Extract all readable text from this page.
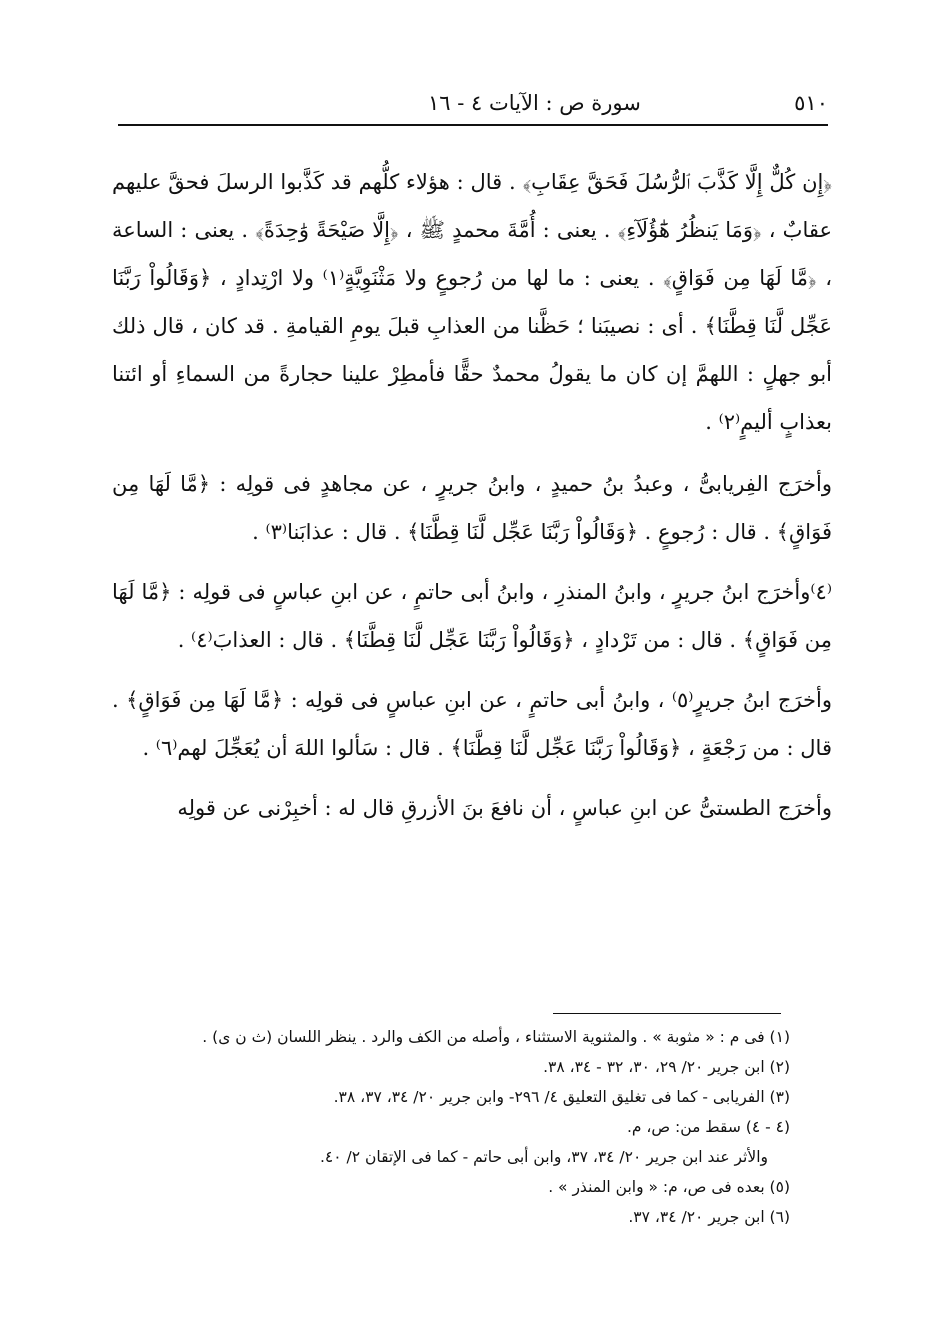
٥١٠
سورة ص : الآيات ٤ - ١٦

﴿إِن كُلٌّ إِلَّا كَذَّبَ ٱلرُّسُلَ فَحَقَّ عِقَابِ﴾ . قال : هؤلاء كلُّهم قد كَذَّبوا الرسلَ فحقَّ عليهم عقابٌ ، ﴿وَمَا يَنظُرُ هَٰٓؤُلَآءِ﴾ . يعنى : أُمَّةَ محمدٍ ﷺ ، ﴿إِلَّا صَيْحَةً وَٰحِدَةً﴾ . يعنى : الساعة ، ﴿مَّا لَهَا مِن فَوَاقٍ﴾ . يعنى : ما لها من رُجوعٍ ولا مَثْنَوِيَّةٍ⁽١⁾ ولا ارْتِدادٍ ، ﴿وَقَالُواْ رَبَّنَا عَجِّل لَّنَا قِطَّنَا﴾ . أى : نصيبَنا ؛ حَظَّنا من العذابِ قبلَ يومِ القيامةِ . قد كان ، قال ذلك أبو جهلٍ : اللهمَّ إن كان ما يقولُ محمدٌ حقًّا فأمطِرْ علينا حجارةً من السماءِ أو ائتنا بعذابٍ أليمٍ⁽٢⁾ .

وأخرَج الفِريابىُّ ، وعبدُ بنُ حميدٍ ، وابنُ جريرٍ ، عن مجاهدٍ فى قولِه : ﴿مَّا لَهَا مِن فَوَاقٍ﴾ . قال : رُجوعٍ . ﴿وَقَالُواْ رَبَّنَا عَجِّل لَّنَا قِطَّنَا﴾ . قال : عذابَنا⁽٣⁾ .

⁽٤⁾وأخرَج ابنُ جريرٍ ، وابنُ المنذرِ ، وابنُ أبى حاتمٍ ، عن ابنِ عباسٍ فى قولِه : ﴿مَّا لَهَا مِن فَوَاقٍ﴾ . قال : من تَرْدادٍ ، ﴿وَقَالُواْ رَبَّنَا عَجِّل لَّنَا قِطَّنَا﴾ . قال : العذابَ⁽٤⁾ .

وأخرَج ابنُ جريرٍ⁽٥⁾ ، وابنُ أبى حاتمٍ ، عن ابنِ عباسٍ فى قولِه : ﴿مَّا لَهَا مِن فَوَاقٍ﴾ . قال : من رَجْعَةٍ ، ﴿وَقَالُواْ رَبَّنَا عَجِّل لَّنَا قِطَّنَا﴾ . قال : سَألوا اللهَ أن يُعَجِّلَ لهم⁽٦⁾ .

وأخرَج الطستىُّ عن ابنِ عباسٍ ، أن نافعَ بنَ الأزرقِ قال له : أخبِرْنى عن قولِه

(١) فى م : « مثوبة » . والمثنوية الاستثناء ، وأصله من الكف والرد . ينظر اللسان (ث ن ى) .
(٢) ابن جرير ٢٠/ ٢٩، ٣٠، ٣٢ - ٣٤، ٣٨.
(٣) الفريابى - كما فى تغليق التعليق ٤/ ٢٩٦- وابن جرير ٢٠/ ٣٤، ٣٧، ٣٨.
(٤ - ٤) سقط من: ص، م.
والأثر عند ابن جرير ٢٠/ ٣٤، ٣٧، وابن أبى حاتم - كما فى الإتقان ٢/ ٤٠.
(٥) بعده فى ص، م: « وابن المنذر » .
(٦) ابن جرير ٢٠/ ٣٤، ٣٧.
